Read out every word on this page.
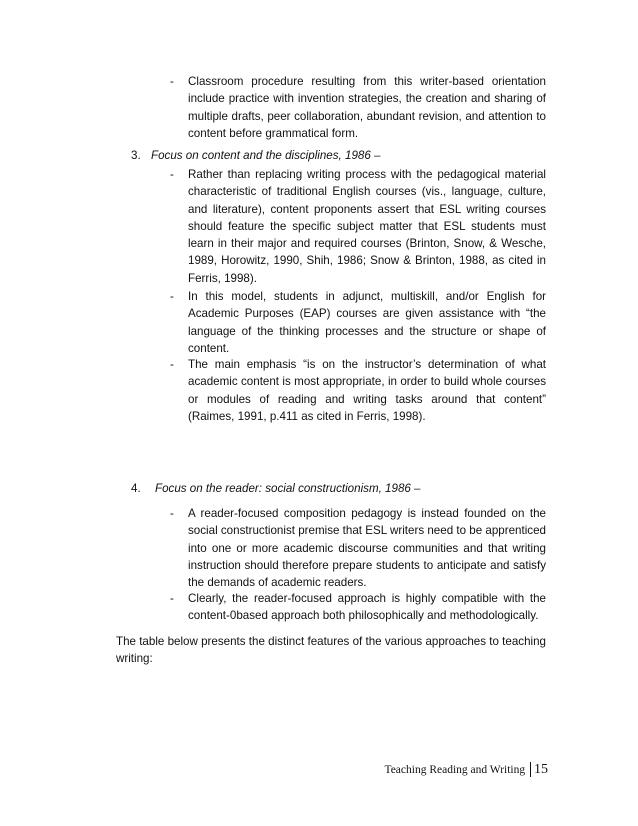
-	Classroom procedure resulting from this writer-based orientation include practice with invention strategies, the creation and sharing of multiple drafts, peer collaboration, abundant revision, and attention to content before grammatical form.
3. Focus on content and the disciplines, 1986 –
-	Rather than replacing writing process with the pedagogical material characteristic of traditional English courses (vis., language, culture, and literature), content proponents assert that ESL writing courses should feature the specific subject matter that ESL students must learn in their major and required courses (Brinton, Snow, & Wesche, 1989, Horowitz, 1990, Shih, 1986; Snow & Brinton, 1988, as cited in Ferris, 1998).
-	In this model, students in adjunct, multiskill, and/or English for Academic Purposes (EAP) courses are given assistance with “the language of the thinking processes and the structure or shape of content.
-	The main emphasis “is on the instructor’s determination of what academic content is most appropriate, in order to build whole courses or modules of reading and writing tasks around that content” (Raimes, 1991, p.411 as cited in Ferris, 1998).
4. Focus on the reader: social constructionism, 1986 –
-	A reader-focused composition pedagogy is instead founded on the social constructionist premise that ESL writers need to be apprenticed into one or more academic discourse communities and that writing instruction should therefore prepare students to anticipate and satisfy the demands of academic readers.
-	Clearly, the reader-focused approach is highly compatible with the content-0based approach both philosophically and methodologically.
The table below presents the distinct features of the various approaches to teaching writing:
Teaching Reading and Writing 15
